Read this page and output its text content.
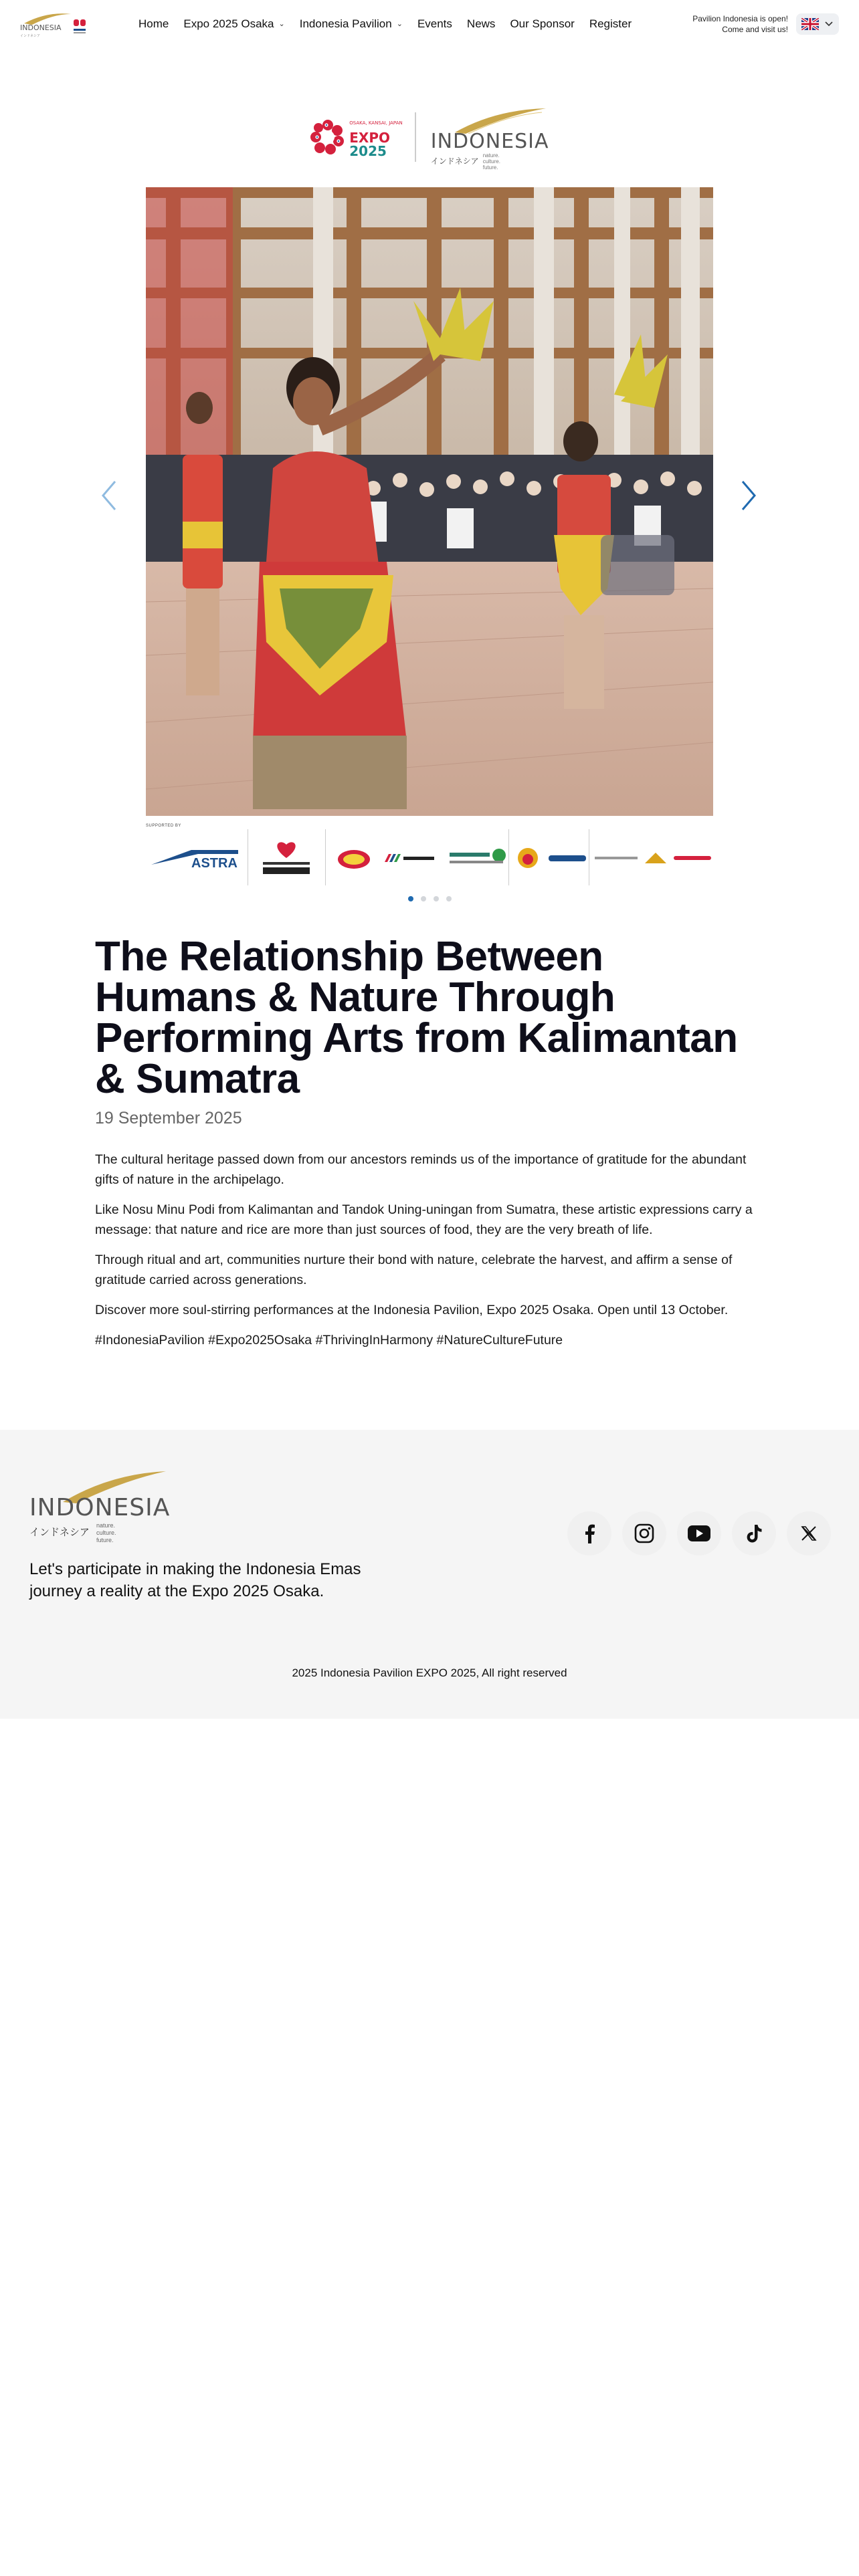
INDONESIA
インドネシア
Home Expo 2025 Osaka ⌄ Indonesia Pavilion ⌄ Events News Our Sponsor Register	Pavilion Indonesia is open!
Come and visit us!
OSAKA, KANSAI, JAPAN
EXPO
2025	INDONESIA
インドネシア
nature.
culture.
future.
SUPPORTED BY
ASTRA
The Relationship Between Humans & Nature Through Performing Arts from Kalimantan & Sumatra
19 September 2025

The cultural heritage passed down from our ancestors reminds us of the importance of gratitude for the abundant gifts of nature in the archipelago.

Like Nosu Minu Podi from Kalimantan and Tandok Uning-uningan from Sumatra, these artistic expressions carry a message: that nature and rice are more than just sources of food, they are the very breath of life.

Through ritual and art, communities nurture their bond with nature, celebrate the harvest, and affirm a sense of gratitude carried across generations.

Discover more soul-stirring performances at the Indonesia Pavilion, Expo 2025 Osaka. Open until 13 October.

#IndonesiaPavilion #Expo2025Osaka #ThrivingInHarmony #NatureCultureFuture

INDONESIA
インドネシア
nature.
culture.
future.
Let's participate in making the Indonesia Emas journey a reality at the Expo 2025 Osaka.
2025 Indonesia Pavilion EXPO 2025, All right reserved
